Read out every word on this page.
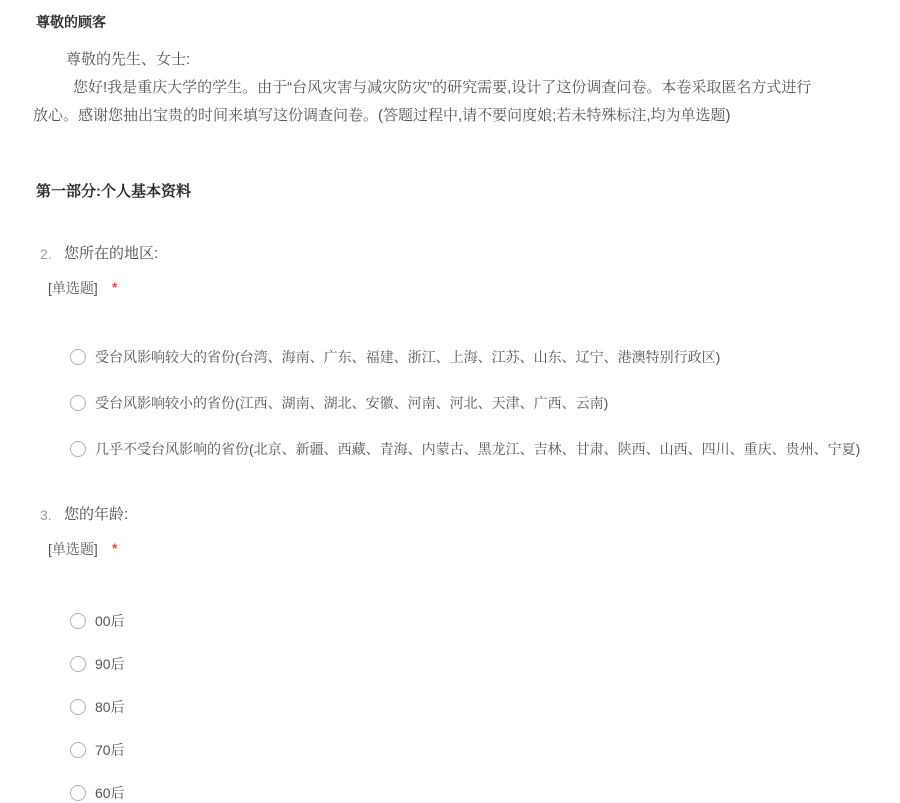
尊敬的顾客
尊敬的先生、女士:
您好!我是重庆大学的学生。由于“台风灾害与减灾防灾”的研究需要,设计了这份调查问卷。本卷采取匿名方式进行
放心。感谢您抽出宝贵的时间来填写这份调查问卷。(答题过程中,请不要问度娘;若未特殊标注,均为单选题)
第一部分:个人基本资料
2. 您所在的地区:
[单选题] *
受台风影响较大的省份(台湾、海南、广东、福建、浙江、上海、江苏、山东、辽宁、港澳特别行政区)
受台风影响较小的省份(江西、湖南、湖北、安徽、河南、河北、天津、广西、云南)
几乎不受台风影响的省份(北京、新疆、西藏、青海、内蒙古、黑龙江、吉林、甘肃、陕西、山西、四川、重庆、贵州、宁夏)
3. 您的年龄:
[单选题] *
00后
90后
80后
70后
60后
